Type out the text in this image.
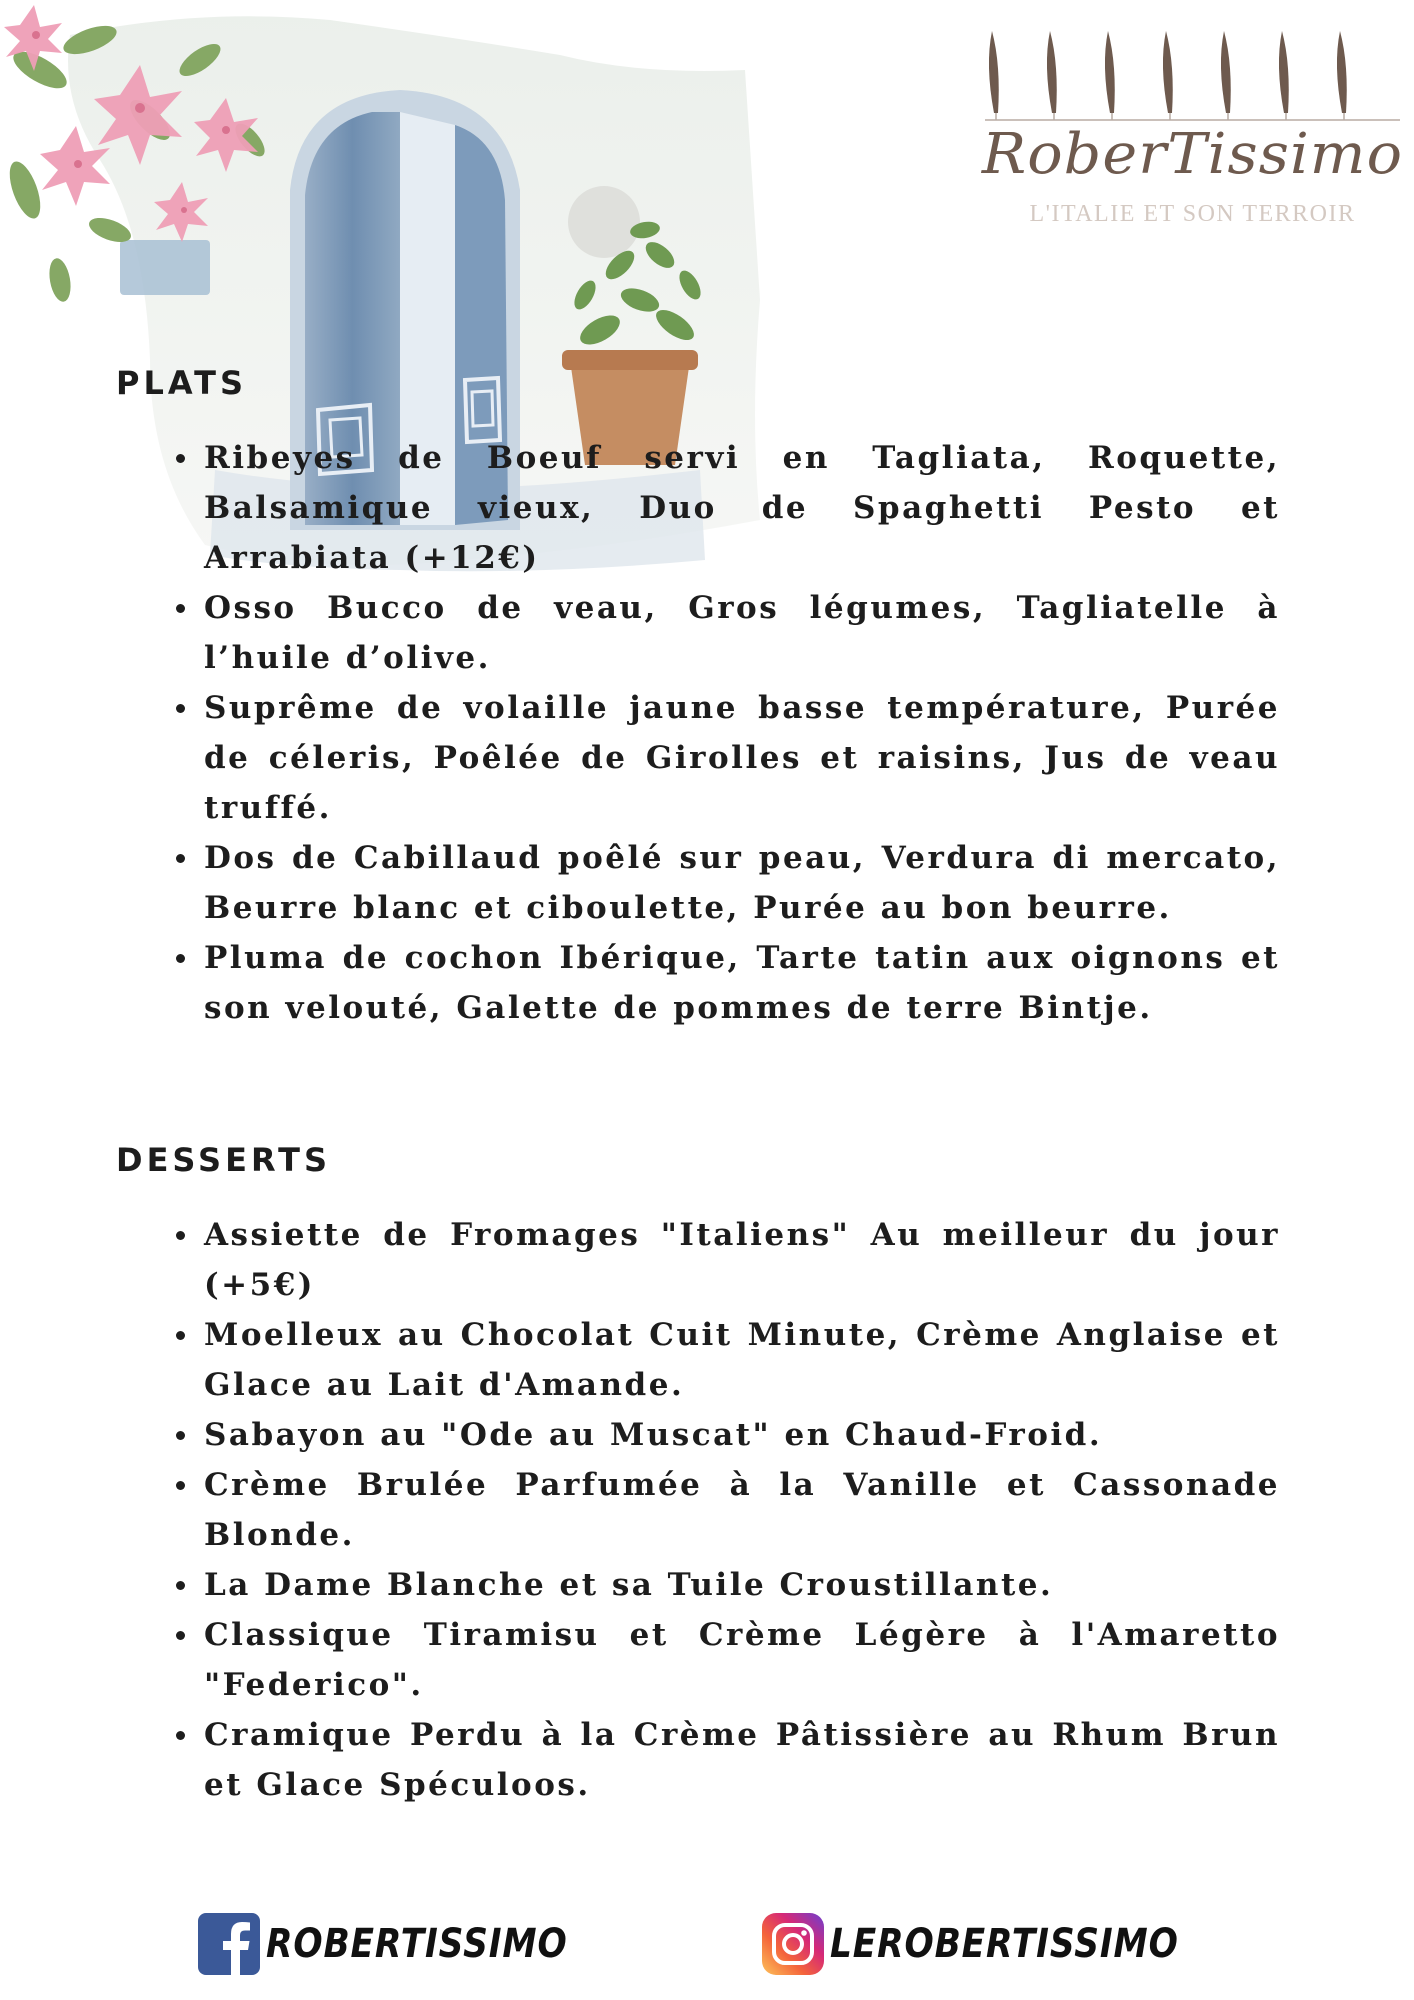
RoberTissimo
L'ITALIE ET SON TERROIR
PLATS
Ribeyes de Boeuf servi en Tagliata, Roquette, Balsamique vieux, Duo de Spaghetti Pesto et Arrabiata (+12€)
Osso Bucco de veau, Gros légumes, Tagliatelle à l’huile d’olive.
Suprême de volaille jaune basse température, Purée de céleris, Poêlée de Girolles et raisins, Jus de veau truffé.
Dos de Cabillaud poêlé sur peau, Verdura di mercato, Beurre blanc et ciboulette, Purée au bon beurre.
Pluma de cochon Ibérique, Tarte tatin aux oignons et son velouté, Galette de pommes de terre Bintje.
DESSERTS
Assiette de Fromages "Italiens" Au meilleur du jour (+5€)
Moelleux au Chocolat Cuit Minute, Crème Anglaise et Glace au Lait d'Amande.
Sabayon au "Ode au Muscat" en Chaud-Froid.
Crème Brulée Parfumée à la Vanille et Cassonade Blonde.
La Dame Blanche et sa Tuile Croustillante.
Classique Tiramisu et Crème Légère à l'Amaretto "Federico".
Cramique Perdu à la Crème Pâtissière au Rhum Brun et Glace Spéculoos.
ROBERTISSIMO	LEROBERTISSIMO
